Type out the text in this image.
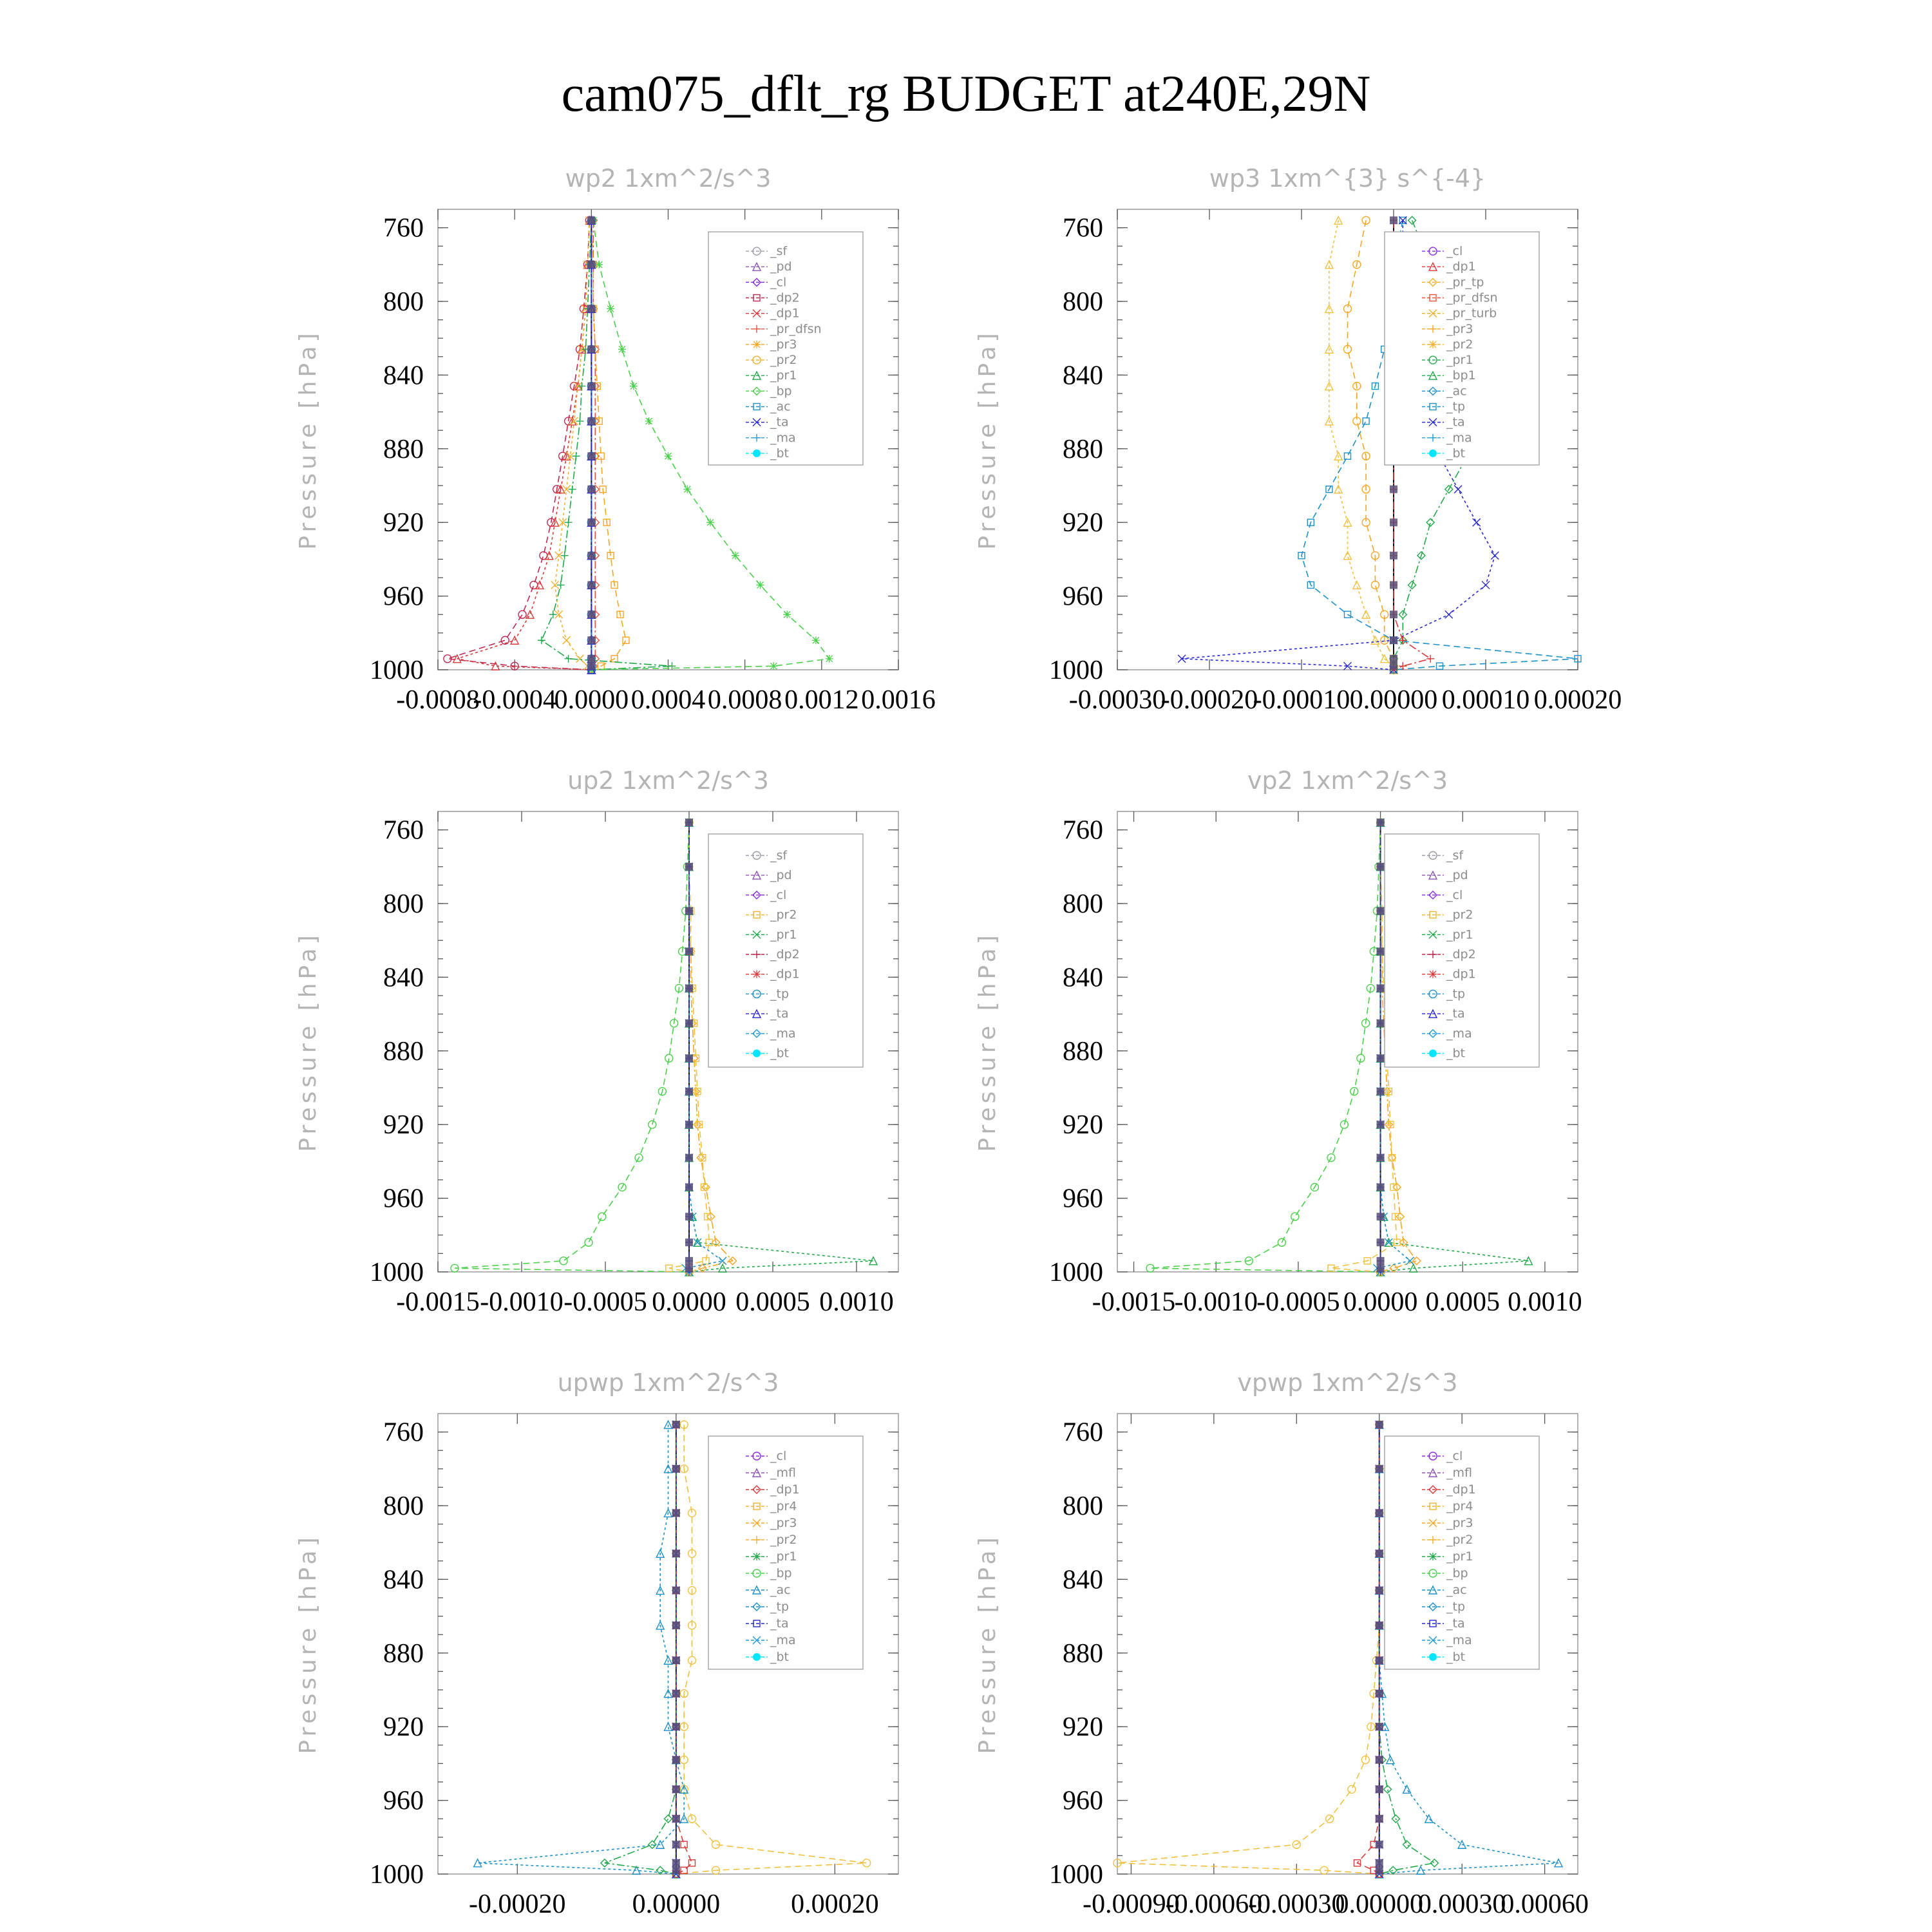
cam075_dflt_rg BUDGET at240E,29N
wp2 1xm^2/s^3
Pressure [hPa]
760
800
840
880
920
960
1000
-0.0008
-0.0004
0.0000 0.0004 0.0008 0.0012 0.0016
_sf
_pd
_cl
_dp2
_dp1
_pr_dfsn
_pr3
_pr2
_pr1
_bp
_ac
_ta
_ma
_bt
wp3 1xm^{3} s^{-4}
Pressure [hPa]
760
800
840
880
920
960
1000
-0.00030
-0.00020
-0.00010 0.00000 0.00010 0.00020
_cl
_dp1
_pr_tp
_pr_dfsn
_pr_turb
_pr3
_pr2
_pr1
_bp1
_ac
_tp
_ta
_ma
_bt
up2 1xm^2/s^3
Pressure [hPa]
760
800
840
880
920
960
1000
-0.0015 -0.0010 -0.0005 0.0000 0.0005 0.0010
_sf
_pd
_cl
_pr2
_pr1
_dp2
_dp1
_tp
_ta
_ma
_bt
vp2 1xm^2/s^3
Pressure [hPa]
760
800
840
880
920
960
1000
-0.0015
-0.0010
-0.0005 0.0000 0.0005 0.0010
_sf
_pd
_cl
_pr2
_pr1
_dp2
_dp1
_tp
_ta
_ma
_bt
upwp 1xm^2/s^3
Pressure [hPa]
760
800
840
880
920
960
1000
-0.00020 0.00000	0.00020
_cl
_mfl
_dp1
_pr4
_pr3
_pr2
_pr1
_bp
_ac
_tp
_ta
_ma
_bt
vpwp 1xm^2/s^3
Pressure [hPa]
760
800
840
880
920
960
1000
-0.00090
-0.00060
-0.00030
0.00000
0.00030
0.00060
_cl
_mfl
_dp1
_pr4
_pr3
_pr2
_pr1
_bp
_ac
_tp
_ta
_ma
_bt
